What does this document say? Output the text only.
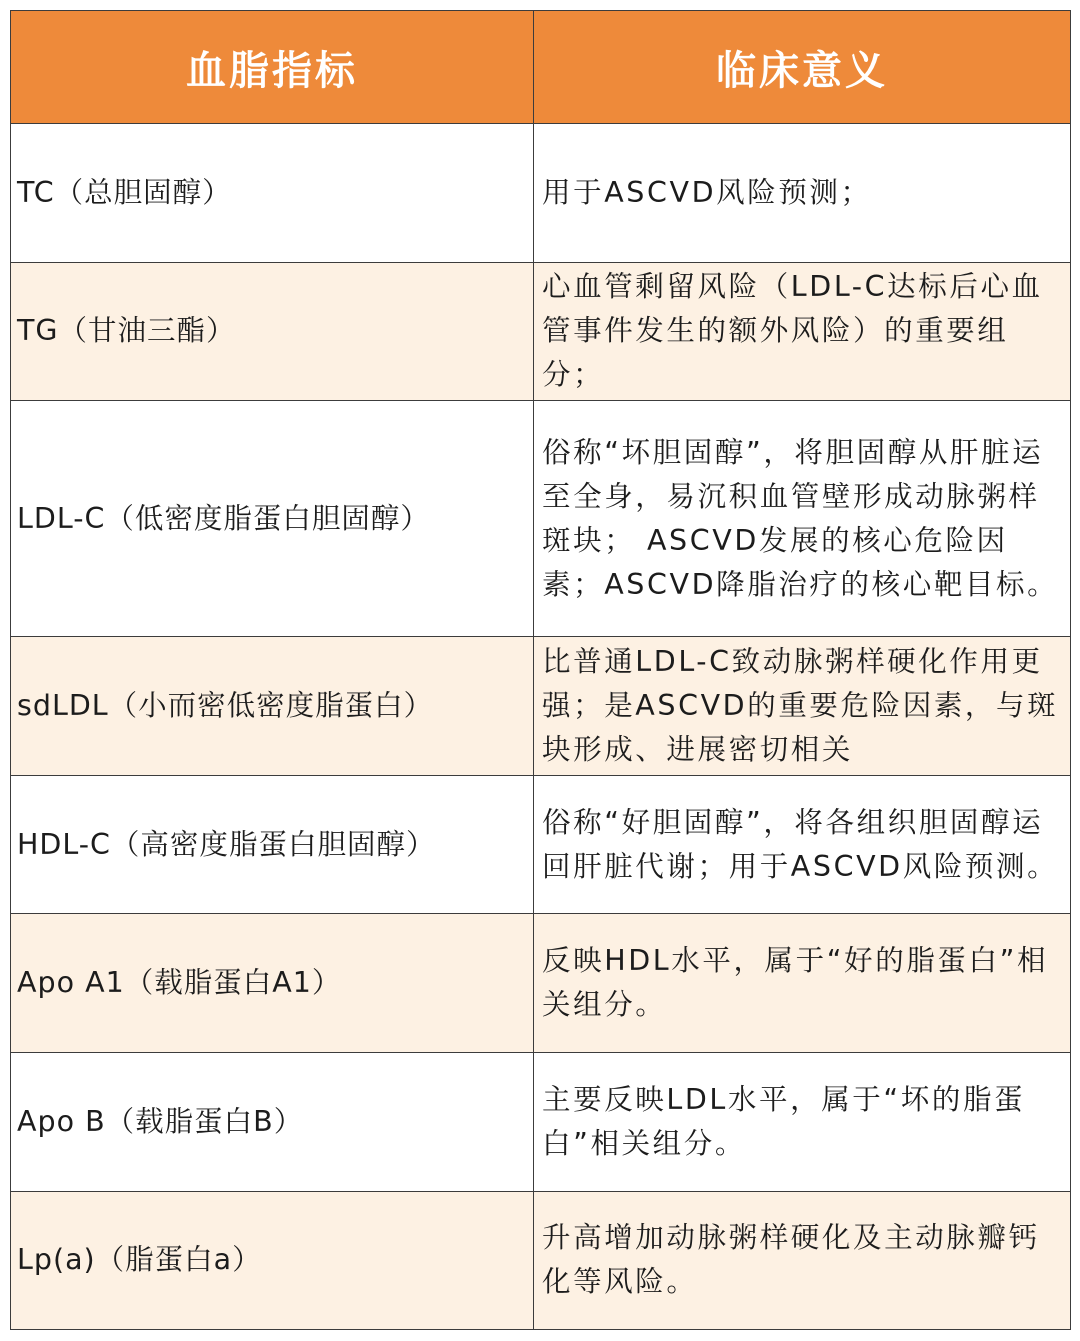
血脂指标	临床意义
TC（总胆固醇）	用于ASCVD风险预测；
TG（甘油三酯）	心血管剩留风险（LDL-C达标后心血管事件发生的额外风险）的重要组分；
LDL-C（低密度脂蛋白胆固醇）	俗称“坏胆固醇”，将胆固醇从肝脏运至全身，易沉积血管壁形成动脉粥样斑块； ASCVD发展的核心危险因素；ASCVD降脂治疗的核心靶目标。
sdLDL（小而密低密度脂蛋白）	比普通LDL-C致动脉粥样硬化作用更强；是ASCVD的重要危险因素，与斑块形成、进展密切相关
HDL-C（高密度脂蛋白胆固醇）	俗称“好胆固醇”，将各组织胆固醇运回肝脏代谢；用于ASCVD风险预测。
Apo A1（载脂蛋白A1）	反映HDL水平，属于“好的脂蛋白”相关组分。
Apo B（载脂蛋白B）	主要反映LDL水平，属于“坏的脂蛋白”相关组分。
Lp(a)（脂蛋白a）	升高增加动脉粥样硬化及主动脉瓣钙化等风险。
